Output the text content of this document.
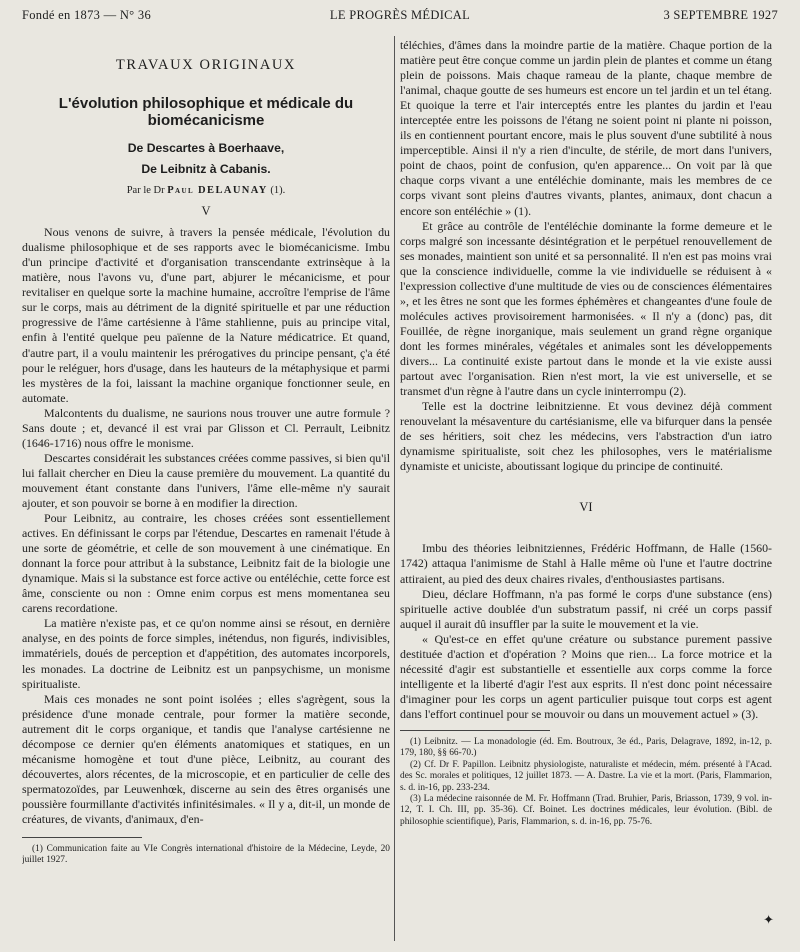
Fondé en 1873 — N° 36	LE PROGRÈS MÉDICAL	3 SEPTEMBRE 1927
TRAVAUX ORIGINAUX
L'évolution philosophique et médicale du biomécanicisme
De Descartes à Boerhaave,
De Leibnitz à Cabanis.
Par le Dr Paul DELAUNAY (1).
V

Nous venons de suivre, à travers la pensée médicale, l'évolution du dualisme philosophique et de ses rapports avec le biomécanicisme. Imbu d'un principe d'activité et d'organisation transcendante extrinsèque à la matière, nous l'avons vu, d'une part, abjurer le mécanicisme, et pour revitaliser en quelque sorte la machine humaine, accroître l'emprise de l'âme sur le corps, mais au détriment de la dignité spirituelle et par une réduction progressive de l'âme cartésienne à l'âme stahlienne, puis au principe vital, enfin à l'entité quelque peu païenne de la Nature médicatrice. Et quand, d'autre part, il a voulu maintenir les prérogatives du principe pensant, ç'a été pour le reléguer, hors d'usage, dans les hauteurs de la métaphysique et parmi les mystères de la foi, laissant la machine organique fonctionner seule, en automate.

Malcontents du dualisme, ne saurions nous trouver une autre formule ? Sans doute ; et, devancé il est vrai par Glisson et Cl. Perrault, Leibnitz (1646-1716) nous offre le monisme.

Descartes considérait les substances créées comme passives, si bien qu'il lui fallait chercher en Dieu la cause première du mouvement. La quantité du mouvement étant constante dans l'univers, l'âme elle-même n'y saurait ajouter, et son pouvoir se borne à en modifier la direction.

Pour Leibnitz, au contraire, les choses créées sont essentiellement actives. En définissant le corps par l'étendue, Descartes en ramenait l'étude à une sorte de géométrie, et celle de son mouvement à une cinématique. En donnant la force pour attribut à la substance, Leibnitz fait de la biologie une dynamique. Mais si la substance est force active ou entéléchie, cette force est âme, consciente ou non : Omne enim corpus est mens momentanea seu carens recordatione.

La matière n'existe pas, et ce qu'on nomme ainsi se résout, en dernière analyse, en des points de force simples, inétendus, non figurés, indivisibles, immatériels, doués de perception et d'appétition, des automates incorporels, les monades. La doctrine de Leibnitz est un panpsychisme, un monisme spiritualiste.

Mais ces monades ne sont point isolées ; elles s'agrègent, sous la présidence d'une monade centrale, pour former la matière seconde, autrement dit le corps organique, et tandis que l'analyse cartésienne ne décompose ce dernier qu'en éléments anatomiques et statiques, en un mécanisme homogène et tout d'une pièce, Leibnitz, au courant des découvertes, alors récentes, de la microscopie, et en particulier de celle des spermatozoïdes, par Leuwenhœk, discerne au sein des êtres organisés une poussière fourmillante d'activités infinitésimales. « Il y a, dit-il, un monde de créatures, de vivants, d'animaux, d'en-

(1) Communication faite au VIe Congrès international d'histoire de la Médecine, Leyde, 20 juillet 1927.

téléchies, d'âmes dans la moindre partie de la matière. Chaque portion de la matière peut être conçue comme un jardin plein de plantes et comme un étang plein de poissons. Mais chaque rameau de la plante, chaque membre de l'animal, chaque goutte de ses humeurs est encore un tel jardin et un tel étang. Et quoique la terre et l'air interceptés entre les plantes du jardin et l'eau interceptée entre les poissons de l'étang ne soient point ni plante ni poisson, ils en contiennent pourtant encore, mais le plus souvent d'une subtilité à nous imperceptible. Ainsi il n'y a rien d'inculte, de stérile, de mort dans l'univers, point de chaos, point de confusion, qu'en apparence... On voit par là que chaque corps vivant a une entéléchie dominante, mais les membres de ce corps vivant sont pleins d'autres vivants, plantes, animaux, dont chacun a encore son entéléchie » (1).

Et grâce au contrôle de l'entéléchie dominante la forme demeure et le corps malgré son incessante désintégration et le perpétuel renouvellement de ses monades, maintient son unité et sa personnalité. Il n'en est pas moins vrai que la conscience individuelle, comme la vie individuelle se réduisent à « l'expression collective d'une multitude de vies ou de consciences élémentaires », et les êtres ne sont que les formes éphémères et changeantes d'une foule de molécules actives provisoirement harmonisées. « Il n'y a (donc) pas, dit Fouillée, de règne inorganique, mais seulement un grand règne organique dont les formes minérales, végétales et animales sont les développements divers... La continuité existe partout dans le monde et la vie existe aussi partout avec l'organisation. Rien n'est mort, la vie est universelle, et se transmet d'un règne à l'autre dans un cycle ininterrompu (2).

Telle est la doctrine leibnitzienne. Et vous devinez déjà comment renouvelant la mésaventure du cartésianisme, elle va bifurquer dans la pensée de ses héritiers, soit chez les médecins, vers l'abstraction d'un iatro dynamisme spiritualiste, soit chez les philosophes, vers le matérialisme dynamiste et uniciste, aboutissant logique du principe de continuité.

VI

Imbu des théories leibnitziennes, Frédéric Hoffmann, de Halle (1560-1742) attaqua l'animisme de Stahl à Halle même où l'une et l'autre doctrine attiraient, au pied des deux chaires rivales, d'enthousiastes partisans.

Dieu, déclare Hoffmann, n'a pas formé le corps d'une substance (ens) spirituelle active doublée d'un substratum passif, ni créé un corps passif auquel il aurait dû insuffler par la suite le mouvement et la vie.

« Qu'est-ce en effet qu'une créature ou substance purement passive destituée d'action et d'opération ? Moins que rien... La force motrice et la nécessité d'agir est substantielle et essentielle aux corps comme la force intelligente et la liberté d'agir l'est aux esprits. Il n'est donc point nécessaire d'imaginer pour les corps un agent particulier puisque tout corps est agent dans l'effort continuel pour se mouvoir ou dans un mouvement actuel » (3).

(1) Leibnitz. — La monadologie (éd. Em. Boutroux, 3e éd., Paris, Delagrave, 1892, in-12, p. 179, 180, §§ 66-70.)
(2) Cf. Dr F. Papillon. Leibnitz physiologiste, naturaliste et médecin, mém. présenté à l'Acad. des Sc. morales et politiques, 12 juillet 1873. — A. Dastre. La vie et la mort. (Paris, Flammarion, s. d. in-16, pp. 233-234.
(3) La médecine raisonnée de M. Fr. Hoffmann (Trad. Bruhier, Paris, Briasson, 1739, 9 vol. in-12, T. I. Ch. III, pp. 35-36). Cf. Boinet. Les doctrines médicales, leur évolution. (Bibl. de philosophie scientifique), Paris, Flammarion, s. d. in-16, pp. 75-76.
✦
